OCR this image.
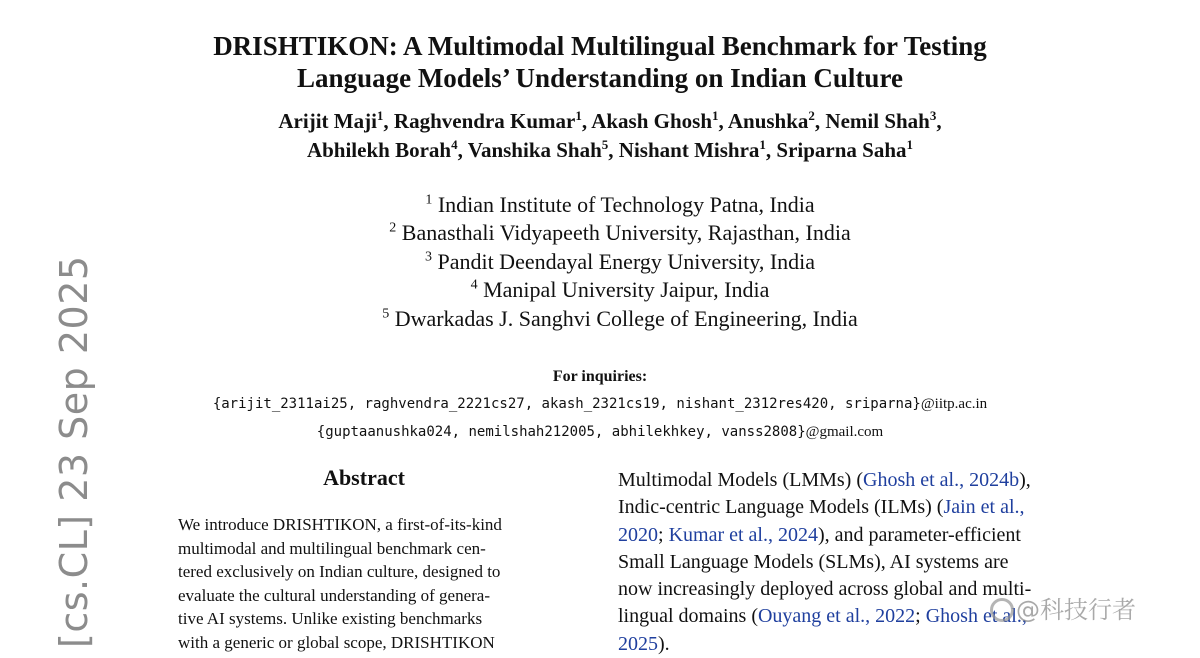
DRISHTIKON: A Multimodal Multilingual Benchmark for Testing
Language Models’ Understanding on Indian Culture
Arijit Maji$^1$, Raghvendra Kumar$^1$, Akash Ghosh$^1$, Anushka$^2$, Nemil Shah$^3$,
Abhilekh Borah$^4$, Vanshika Shah$^5$, Nishant Mishra$^1$, Sriparna Saha$^1$
$^1$ Indian Institute of Technology Patna, India
$^2$ Banasthali Vidyapeeth University, Rajasthan, India
$^3$ Pandit Deendayal Energy University, India
$^4$ Manipal University Jaipur, India
$^5$ Dwarkadas J. Sanghvi College of Engineering, India
For inquiries:
{arijit_2311ai25, raghvendra_2221cs27, akash_2321cs19, nishant_2312res420, sriparna}@iitp.ac.in
{guptaanushka024, nemilshah212005, abhilekhkey, vanss2808}@gmail.com
Abstract
We introduce DRISHTIKON, a first-of-its-kind
multimodal and multilingual benchmark cen-
tered exclusively on Indian culture, designed to
evaluate the cultural understanding of genera-
tive AI systems. Unlike existing benchmarks
with a generic or global scope, DRISHTIKON
Multimodal Models (LMMs) (Ghosh et al., 2024b),
Indic-centric Language Models (ILMs) (Jain et al.,
2020; Kumar et al., 2024), and parameter-efficient
Small Language Models (SLMs), AI systems are
now increasingly deployed across global and multi-
lingual domains (Ouyang et al., 2022; Ghosh et al.,
2025).
[cs.CL] 23 Sep 2025	@科技行者
